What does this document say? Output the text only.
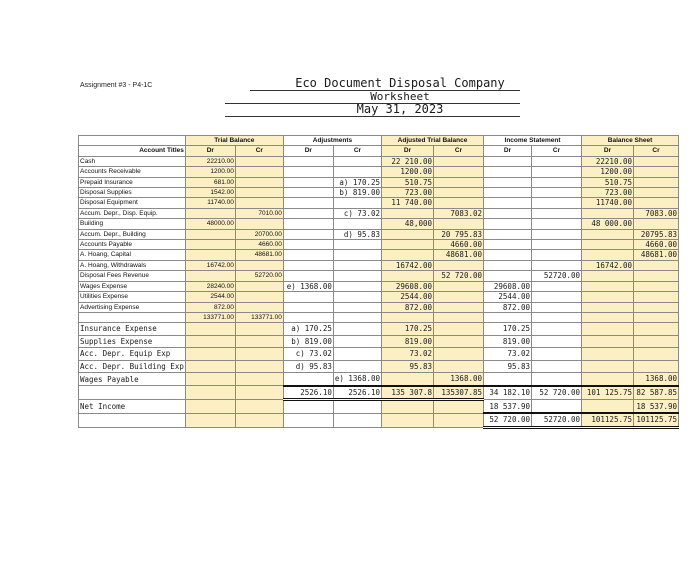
Assignment #3 - P4-1C	Eco Document Disposal Company
Worksheet
May 31, 2023
	Trial Balance		Adjustments		Adjusted Trial Balance		Income Statement		Balance Sheet	
Account Titles	Dr	Cr	Dr	Cr	Dr	Cr	Dr	Cr	Dr	Cr
Cash	22210.00				22 210.00				22210.00	
Accounts Receivable	1200.00				1200.00				1200.00	
Prepaid Insurance	681.00			a) 170.25	510.75				510.75	
Disposal Supplies	1542.00			b) 819.00	723.00				723.00	
Disposal Equipment	11740.00				11 740.00				11740.00	
Accum. Depr., Disp. Equip.		7010.00		c) 73.02		7083.02				7083.00
Building	48000.00				48,000				48 000.00	
Accum. Depr., Building		20700.00		d) 95.83		20 795.83				20795.83
Accounts Payable		4660.00				4660.00				4660.00
A. Hoang, Capital		48681.00				48681.00				48681.00
A. Hoang, Withdrawals	16742.00				16742.00				16742.00	
Disposal Fees Revenue		52720.00				52 720.00		52720.00		
Wages Expense	28240.00		e) 1368.00		29608.00		29608.00			
Utilities Expense	2544.00				2544.00		2544.00			
Advertising Expense	872.00				872.00		872.00			
	133771.00	133771.00								
Insurance Expense			a) 170.25		170.25		170.25			
Supplies Expense			b) 819.00		819.00		819.00			
Acc. Depr. Equip Exp			c) 73.02		73.02		73.02			
Acc. Depr. Building Exp			d) 95.83		95.83		95.83			
Wages Payable				e) 1368.00		1368.00				1368.00
			2526.10	2526.10	135 307.8	135307.85	34 182.10	52 720.00	101 125.75	82 587.85
Net Income							18 537.90			18 537.90
							52 720.00	52720.00	101125.75	101125.75
